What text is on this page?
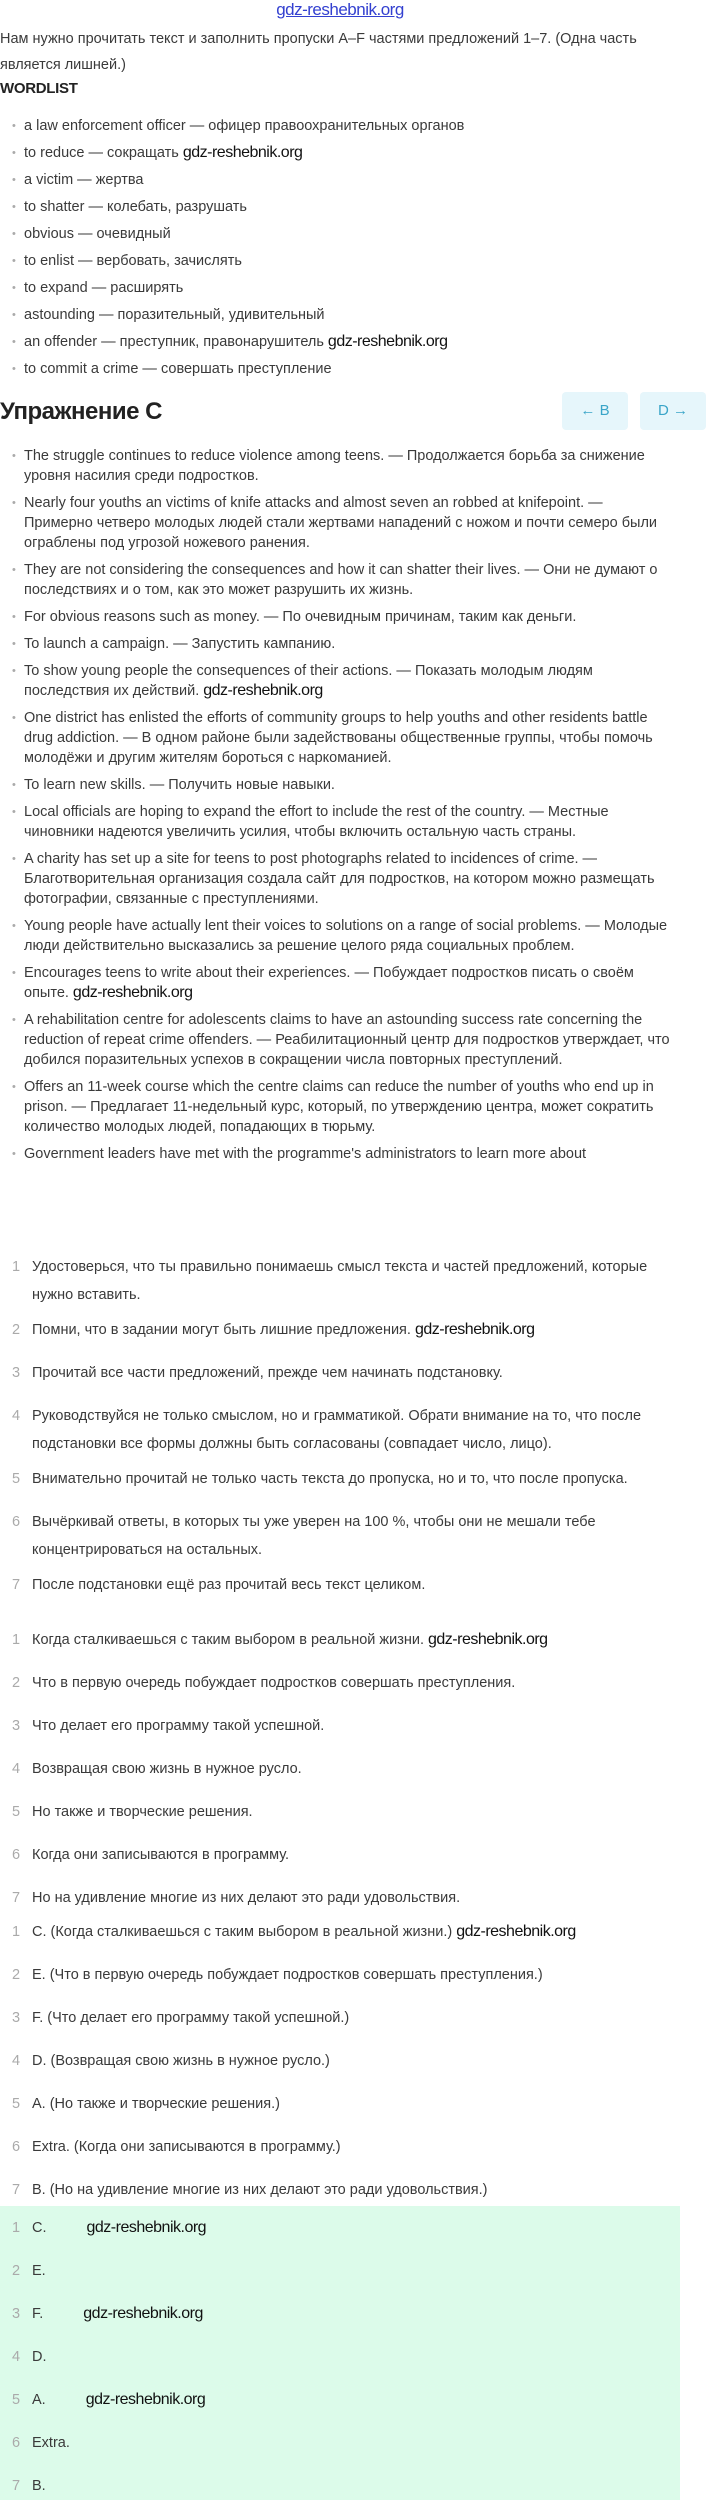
gdz-reshebnik.org
Нам нужно прочитать текст и заполнить пропуски A–F частями предложений 1–7. (Одна часть является лишней.)
WORDLIST
• a law enforcement officer — офицер правоохранительных органов
• to reduce — сокращать gdz-reshebnik.org
• a victim — жертва
• to shatter — колебать, разрушать
• obvious — очевидный
• to enlist — вербовать, зачислять
• to expand — расширять
• astounding — поразительный, удивительный
• an offender — преступник, правонарушитель gdz-reshebnik.org
• to commit a crime — совершать преступление
Упражнение C	← B	D →
• The struggle continues to reduce violence among teens. — Продолжается борьба за снижение уровня насилия среди подростков.
• Nearly four youths an victims of knife attacks and almost seven an robbed at knifepoint. — Примерно четверо молодых людей стали жертвами нападений с ножом и почти семеро были ограблены под угрозой ножевого ранения.
• They are not considering the consequences and how it can shatter their lives. — Они не думают о последствиях и о том, как это может разрушить их жизнь.
• For obvious reasons such as money. — По очевидным причинам, таким как деньги.
• To launch a campaign. — Запустить кампанию.
• To show young people the consequences of their actions. — Показать молодым людям последствия их действий. gdz-reshebnik.org
• One district has enlisted the efforts of community groups to help youths and other residents battle drug addiction. — В одном районе были задействованы общественные группы, чтобы помочь молодёжи и другим жителям бороться с наркоманией.
• To learn new skills. — Получить новые навыки.
• Local officials are hoping to expand the effort to include the rest of the country. — Местные чиновники надеются увеличить усилия, чтобы включить остальную часть страны.
• A charity has set up a site for teens to post photographs related to incidences of crime. — Благотворительная организация создала сайт для подростков, на котором можно размещать фотографии, связанные с преступлениями.
• Young people have actually lent their voices to solutions on a range of social problems. — Молодые люди действительно высказались за решение целого ряда социальных проблем.
• Encourages teens to write about their experiences. — Побуждает подростков писать о своём опыте. gdz-reshebnik.org
• A rehabilitation centre for adolescents claims to have an astounding success rate concerning the reduction of repeat crime offenders. — Реабилитационный центр для подростков утверждает, что добился поразительных успехов в сокращении числа повторных преступлений.
• Offers an 11-week course which the centre claims can reduce the number of youths who end up in prison. — Предлагает 11-недельный курс, который, по утверждению центра, может сократить количество молодых людей, попадающих в тюрьму.
• Government leaders have met with the programme's administrators to learn more about
1 Удостоверься, что ты правильно понимаешь смысл текста и частей предложений, которые нужно вставить.
2 Помни, что в задании могут быть лишние предложения. gdz-reshebnik.org
3 Прочитай все части предложений, прежде чем начинать подстановку.
4 Руководствуйся не только смыслом, но и грамматикой. Обрати внимание на то, что после подстановки все формы должны быть согласованы (совпадает число, лицо).
5 Внимательно прочитай не только часть текста до пропуска, но и то, что после пропуска.
6 Вычёркивай ответы, в которых ты уже уверен на 100 %, чтобы они не мешали тебе концентрироваться на остальных.
7 После подстановки ещё раз прочитай весь текст целиком.
1 Когда сталкиваешься с таким выбором в реальной жизни. gdz-reshebnik.org
2 Что в первую очередь побуждает подростков совершать преступления.
3 Что делает его программу такой успешной.
4 Возвращая свою жизнь в нужное русло.
5 Но также и творческие решения.
6 Когда они записываются в программу.
7 Но на удивление многие из них делают это ради удовольствия.
1 C. (Когда сталкиваешься с таким выбором в реальной жизни.) gdz-reshebnik.org
2 E. (Что в первую очередь побуждает подростков совершать преступления.)
3 F. (Что делает его программу такой успешной.)
4 D. (Возвращая свою жизнь в нужное русло.)
5 A. (Но также и творческие решения.)
6 Extra. (Когда они записываются в программу.)
7 B. (Но на удивление многие из них делают это ради удовольствия.)
1 C.	gdz-reshebnik.org
2 E.
3 F.	gdz-reshebnik.org
4 D.
5 A.	gdz-reshebnik.org
6 Extra.
7 B.
